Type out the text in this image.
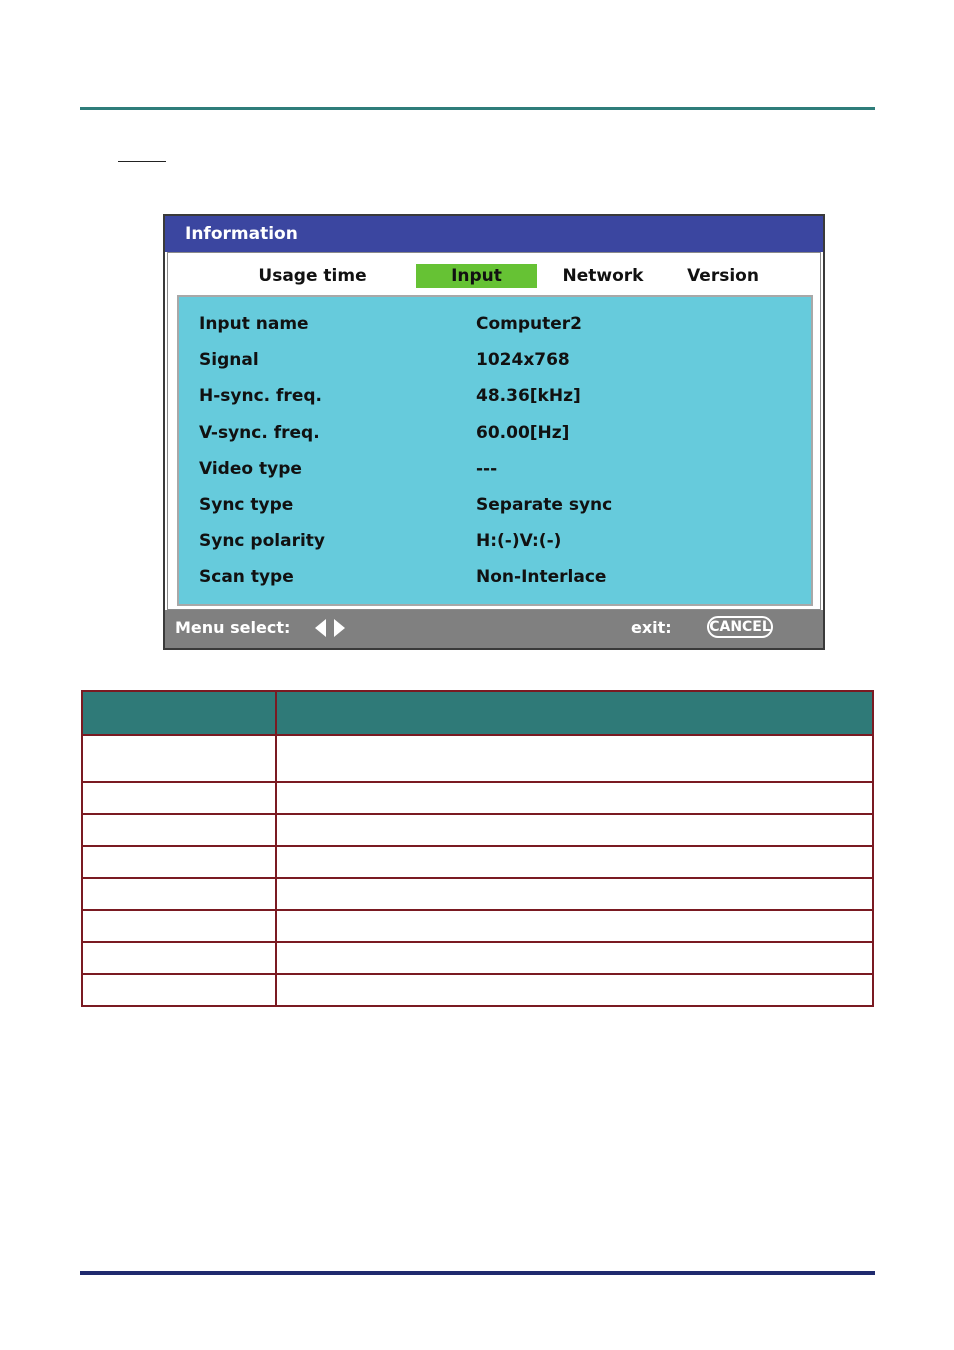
Information
Usage time	Input	Network	Version
Input name	Computer2
Signal	1024x768
H-sync. freq.	48.36[kHz]
V-sync. freq.	60.00[Hz]
Video type	---
Sync type	Separate sync
Sync polarity	H:(-)V:(-)
Scan type	Non-Interlace
Menu select:	exit:	CANCEL
